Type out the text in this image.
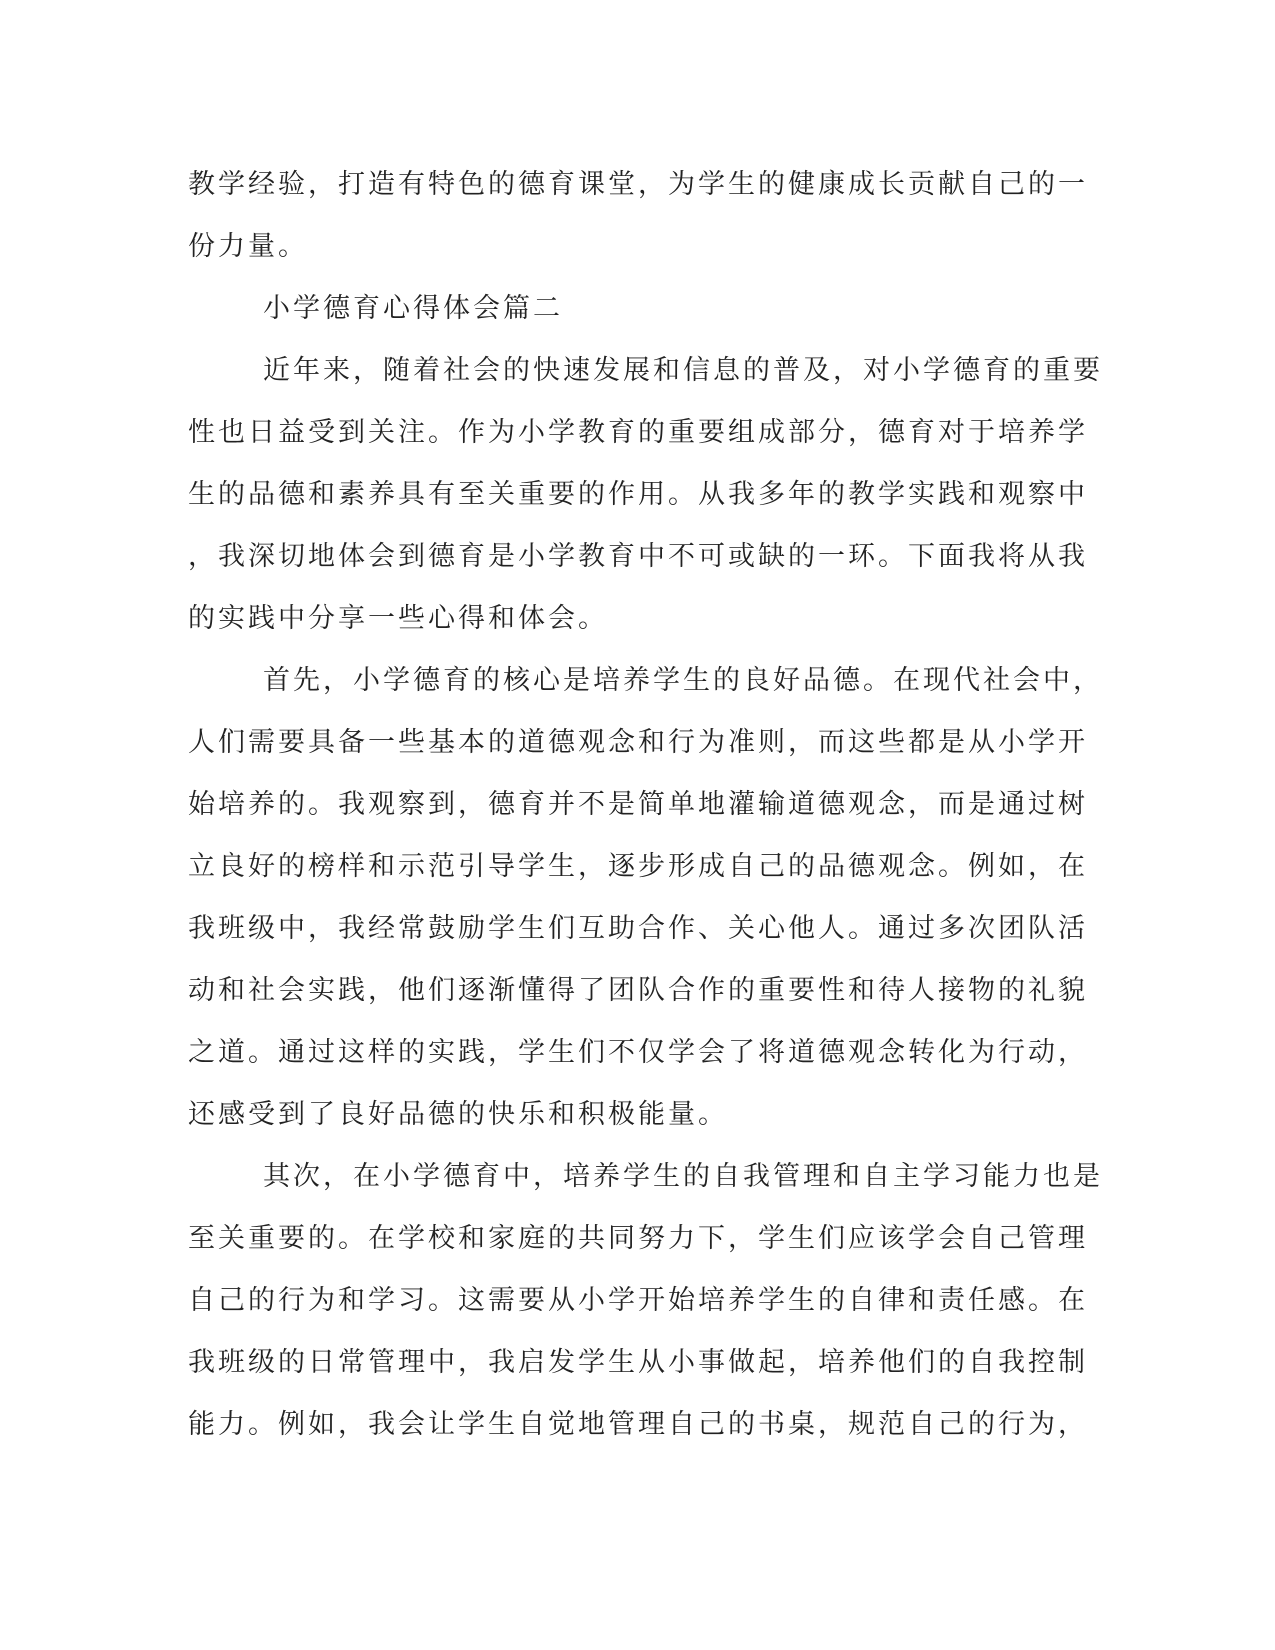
教学经验，打造有特色的德育课堂，为学生的健康成长贡献自己的一
份力量。
小学德育心得体会篇二
近年来，随着社会的快速发展和信息的普及，对小学德育的重要
性也日益受到关注。作为小学教育的重要组成部分，德育对于培养学
生的品德和素养具有至关重要的作用。从我多年的教学实践和观察中
，我深切地体会到德育是小学教育中不可或缺的一环。下面我将从我
的实践中分享一些心得和体会。
首先，小学德育的核心是培养学生的良好品德。在现代社会中，
人们需要具备一些基本的道德观念和行为准则，而这些都是从小学开
始培养的。我观察到，德育并不是简单地灌输道德观念，而是通过树
立良好的榜样和示范引导学生，逐步形成自己的品德观念。例如，在
我班级中，我经常鼓励学生们互助合作、关心他人。通过多次团队活
动和社会实践，他们逐渐懂得了团队合作的重要性和待人接物的礼貌
之道。通过这样的实践，学生们不仅学会了将道德观念转化为行动，
还感受到了良好品德的快乐和积极能量。
其次，在小学德育中，培养学生的自我管理和自主学习能力也是
至关重要的。在学校和家庭的共同努力下，学生们应该学会自己管理
自己的行为和学习。这需要从小学开始培养学生的自律和责任感。在
我班级的日常管理中，我启发学生从小事做起，培养他们的自我控制
能力。例如，我会让学生自觉地管理自己的书桌，规范自己的行为，
